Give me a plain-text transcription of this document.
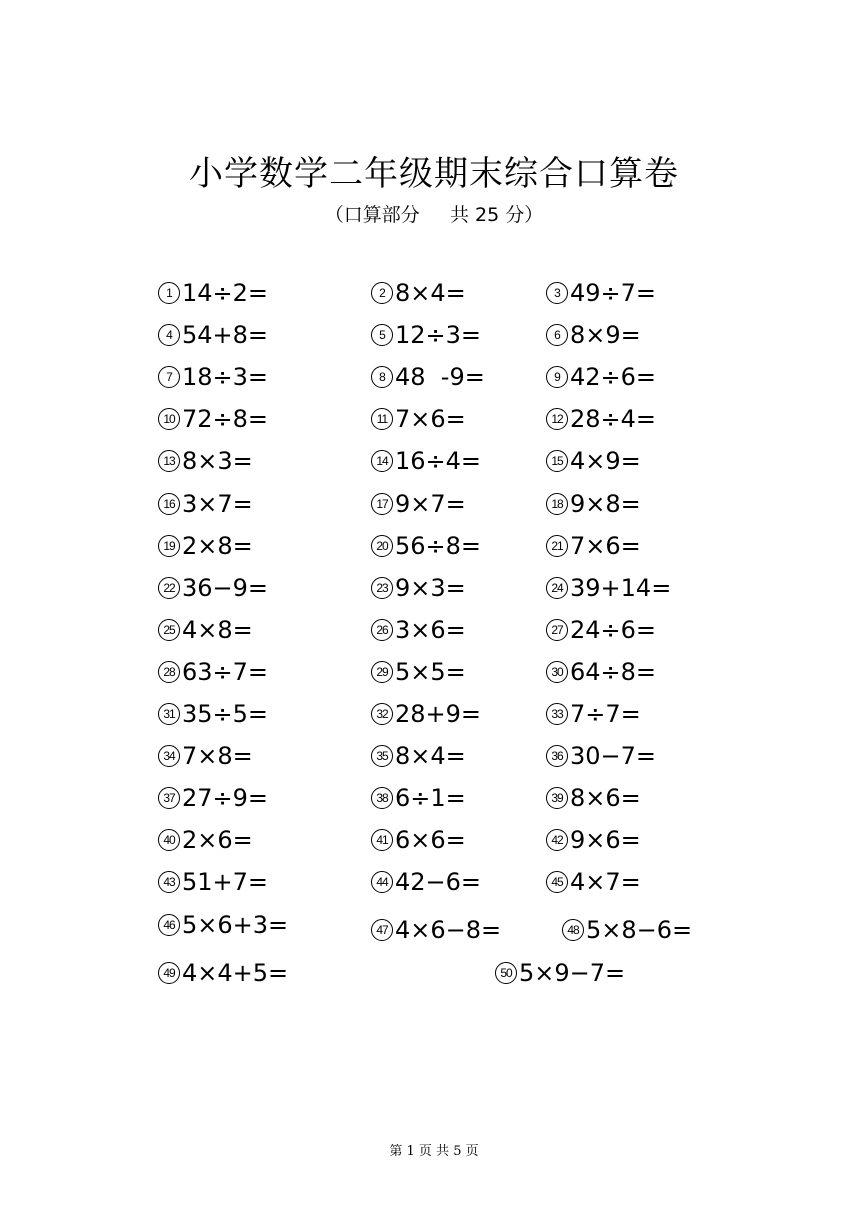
小学数学二年级期末综合口算卷
（口算部分     共 25 分）
1 14÷2=	2 8×4=	3 49÷7=
4 54+8=	5 12÷3=	6 8×9=
7 18÷3=	8 48  -9=	9 42÷6=
10 72÷8=	11 7×6=	12 28÷4=
13 8×3=	14 16÷4=	15 4×9=
16 3×7=	17 9×7=	18 9×8=
19 2×8=	20 56÷8=	21 7×6=
22 36−9=	23 9×3=	24 39+14=
25 4×8=	26 3×6=	27 24÷6=
28 63÷7=	29 5×5=	30 64÷8=
31 35÷5=	32 28+9=	33 7÷7=
34 7×8=	35 8×4=	36 30−7=
37 27÷9=	38 6÷1=	39 8×6=
40 2×6=	41 6×6=	42 9×6=
43 51+7=	44 42−6=	45 4×7=
46 5×6+3=	47 4×6−8=	48 5×8−6=
49 4×4+5=	50 5×9−7=
第 1 页 共 5 页
